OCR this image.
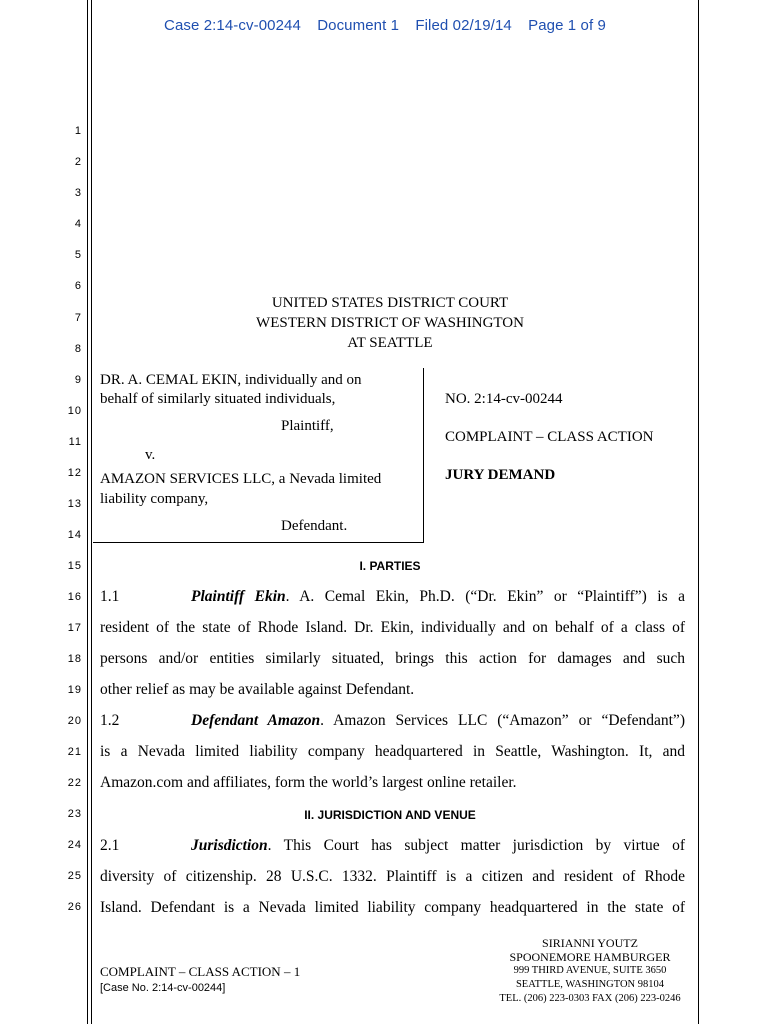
Case 2:14-cv-00244 Document 1 Filed 02/19/14 Page 1 of 9
1
2
3
4
5
6
7
8
9
10
11
12
13
14
15
16
17
18
19
20
21
22
23
24
25
26
UNITED STATES DISTRICT COURT
WESTERN DISTRICT OF WASHINGTON
AT SEATTLE
DR. A. CEMAL EKIN, individually and on
behalf of similarly situated individuals,
Plaintiff,
v.
AMAZON SERVICES LLC, a Nevada limited
liability company,
Defendant.
NO. 2:14-cv-00244
COMPLAINT – CLASS ACTION
JURY DEMAND
I. PARTIES
1.1	Plaintiff Ekin. A. Cemal Ekin, Ph.D. (“Dr. Ekin” or “Plaintiff”) is a
resident of the state of Rhode Island. Dr. Ekin, individually and on behalf of a class of
persons and/or entities similarly situated, brings this action for damages and such
other relief as may be available against Defendant.
1.2	Defendant Amazon. Amazon Services LLC (“Amazon” or “Defendant”)
is a Nevada limited liability company headquartered in Seattle, Washington. It, and
Amazon.com and affiliates, form the world’s largest online retailer.
II. JURISDICTION AND VENUE
2.1	Jurisdiction. This Court has subject matter jurisdiction by virtue of
diversity of citizenship. 28 U.S.C. 1332. Plaintiff is a citizen and resident of Rhode
Island. Defendant is a Nevada limited liability company headquartered in the state of
COMPLAINT – CLASS ACTION – 1
[Case No. 2:14-cv-00244]
SIRIANNI YOUTZ
SPOONEMORE HAMBURGER
999 THIRD AVENUE, SUITE 3650
SEATTLE, WASHINGTON 98104
TEL. (206) 223-0303 FAX (206) 223-0246
